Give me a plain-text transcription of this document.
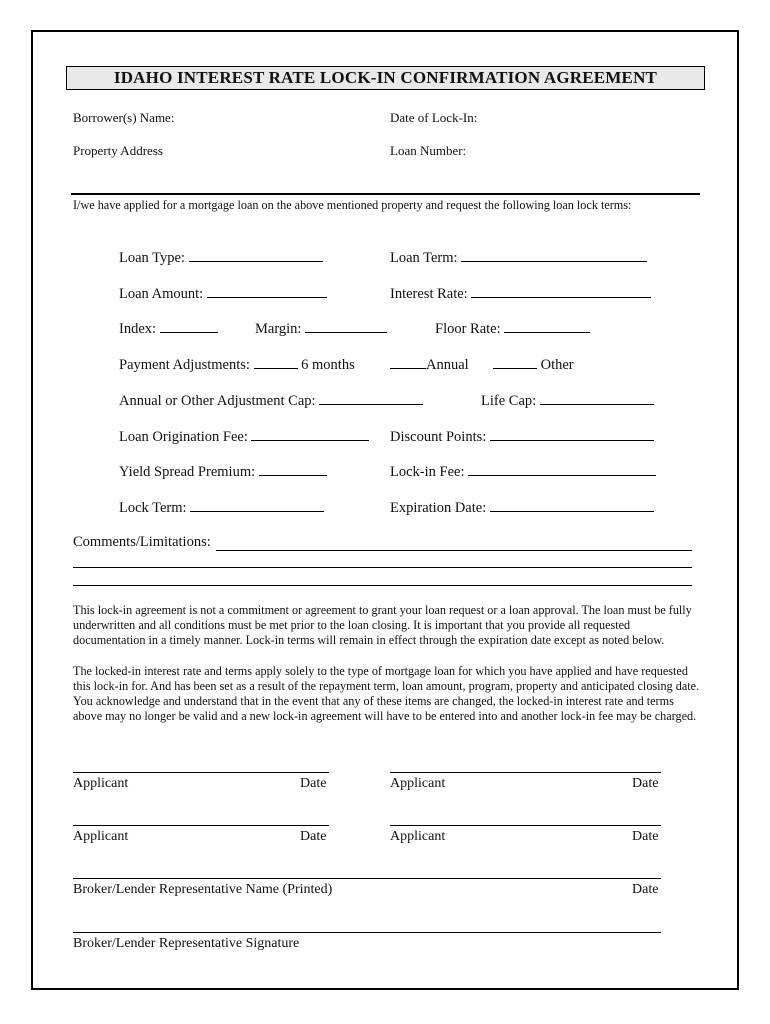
IDAHO INTEREST RATE LOCK-IN CONFIRMATION AGREEMENT
Borrower(s) Name:	Date of Lock-In:
Property Address	Loan Number:
I/we have applied for a mortgage loan on the above mentioned property and request the following loan lock terms:
Loan Type:	Loan Term:
Loan Amount:	Interest Rate:
Index:	Margin:	Floor Rate:
Payment Adjustments:	6 months	Annual	Other
Annual or Other Adjustment Cap:	Life Cap:
Loan Origination Fee:	Discount Points:
Yield Spread Premium:	Lock-in Fee:
Lock Term:	Expiration Date:
Comments/Limitations:
This lock-in agreement is not a commitment or agreement to grant your loan request or a loan approval. The loan must be fully underwritten and all conditions must be met prior to the loan closing. It is important that you provide all requested documentation in a timely manner. Lock-in terms will remain in effect through the expiration date except as noted below.
The locked-in interest rate and terms apply solely to the type of mortgage loan for which you have applied and have requested this lock-in for. And has been set as a result of the repayment term, loan amount, program, property and anticipated closing date. You acknowledge and understand that in the event that any of these items are changed, the locked-in interest rate and terms above may no longer be valid and a new lock-in agreement will have to be entered into and another lock-in fee may be charged.
Applicant	Date	Applicant	Date
Applicant	Date	Applicant	Date
Broker/Lender Representative Name (Printed)	Date
Broker/Lender Representative Signature
